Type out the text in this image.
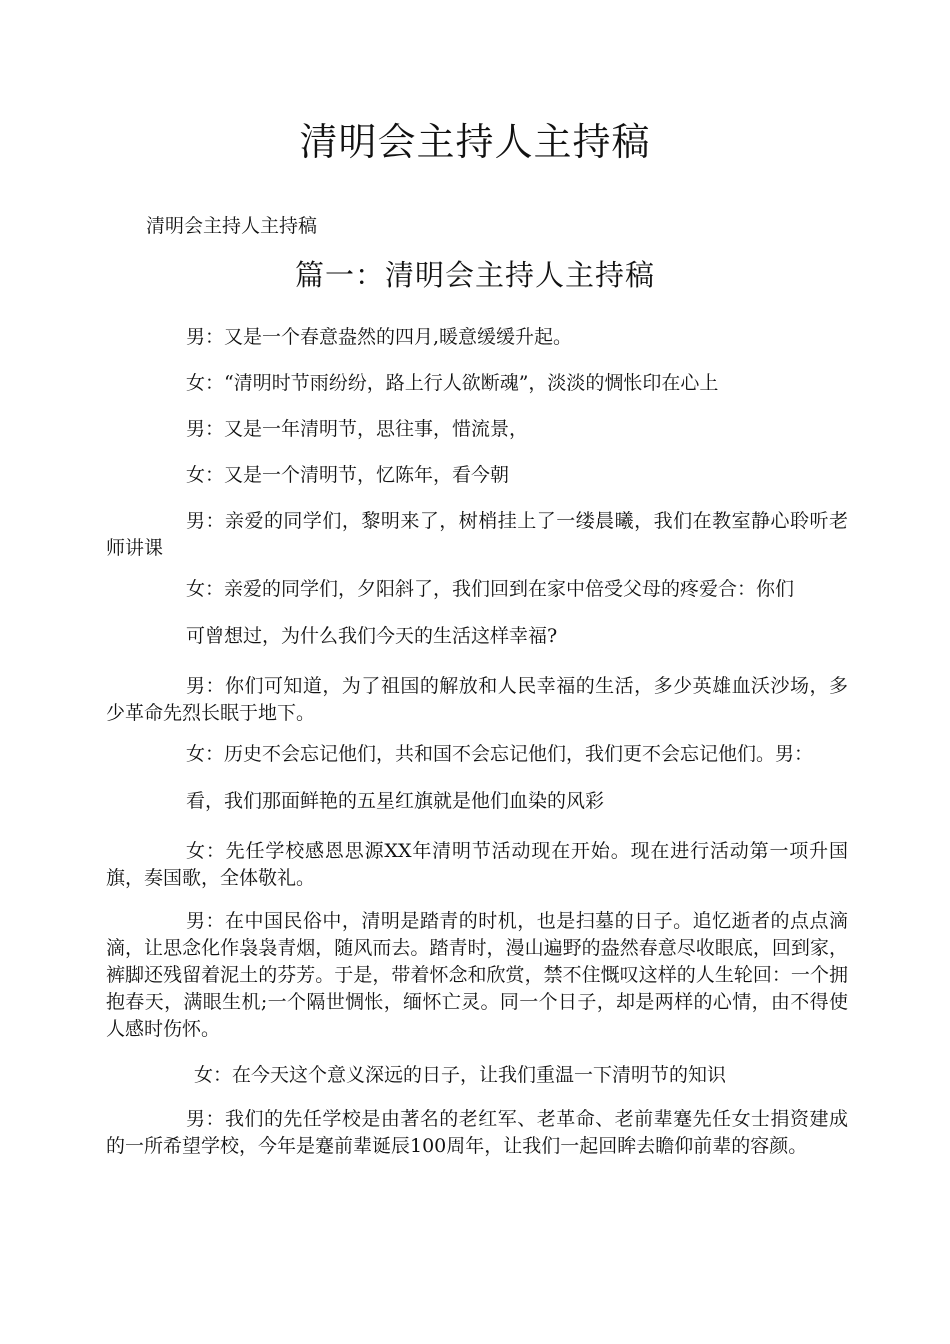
清明会主持人主持稿
清明会主持人主持稿
篇一：清明会主持人主持稿
男：又是一个春意盎然的四月,暖意缓缓升起。
女：“清明时节雨纷纷，路上行人欲断魂”，淡淡的惆怅印在心上
男：又是一年清明节，思往事，惜流景，
女：又是一个清明节，忆陈年，看今朝
男：亲爱的同学们，黎明来了，树梢挂上了一缕晨曦，我们在教室静心聆听老师讲课
女：亲爱的同学们，夕阳斜了，我们回到在家中倍受父母的疼爱合：你们
可曾想过，为什么我们今天的生活这样幸福?
男：你们可知道，为了祖国的解放和人民幸福的生活，多少英雄血沃沙场，多少革命先烈长眠于地下。
女：历史不会忘记他们，共和国不会忘记他们，我们更不会忘记他们。男：
看，我们那面鲜艳的五星红旗就是他们血染的风彩
女：先任学校感恩思源XX年清明节活动现在开始。现在进行活动第一项升国旗，奏国歌，全体敬礼。
男：在中国民俗中，清明是踏青的时机，也是扫墓的日子。追忆逝者的点点滴滴，让思念化作袅袅青烟，随风而去。踏青时，漫山遍野的盎然春意尽收眼底，回到家，裤脚还残留着泥土的芬芳。于是，带着怀念和欣赏，禁不住慨叹这样的人生轮回：一个拥抱春天，满眼生机;一个隔世惆怅，缅怀亡灵。同一个日子，却是两样的心情，由不得使人感时伤怀。
女：在今天这个意义深远的日子，让我们重温一下清明节的知识
男：我们的先任学校是由著名的老红军、老革命、老前辈蹇先任女士捐资建成的一所希望学校，今年是蹇前辈诞辰100周年，让我们一起回眸去瞻仰前辈的容颜。
